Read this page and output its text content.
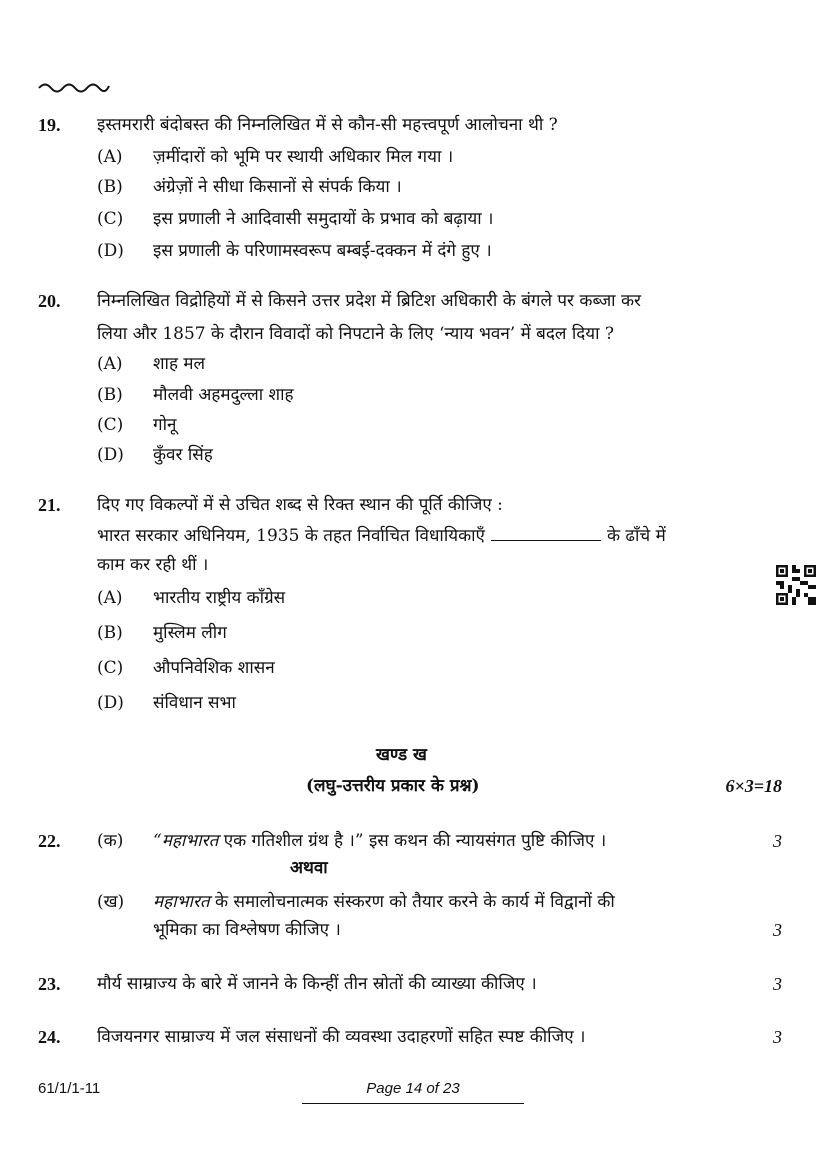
19. इस्तमरारी बंदोबस्त की निम्नलिखित में से कौन-सी महत्त्वपूर्ण आलोचना थी ?
(A) ज़मींदारों को भूमि पर स्थायी अधिकार मिल गया ।
(B) अंग्रेज़ों ने सीधा किसानों से संपर्क किया ।
(C) इस प्रणाली ने आदिवासी समुदायों के प्रभाव को बढ़ाया ।
(D) इस प्रणाली के परिणामस्वरूप बम्बई-दक्कन में दंगे हुए ।
20. निम्नलिखित विद्रोहियों में से किसने उत्तर प्रदेश में ब्रिटिश अधिकारी के बंगले पर कब्जा कर
लिया और 1857 के दौरान विवादों को निपटाने के लिए ‘न्याय भवन’ में बदल दिया ?
(A) शाह मल
(B) मौलवी अहमदुल्ला शाह
(C) गोनू
(D) कुँवर सिंह
21. दिए गए विकल्पों में से उचित शब्द से रिक्त स्थान की पूर्ति कीजिए :
भारत सरकार अधिनियम, 1935 के तहत निर्वाचित विधायिकाएँ	के ढाँचे में
काम कर रही थीं ।
(A) भारतीय राष्ट्रीय काँग्रेस
(B) मुस्लिम लीग
(C) औपनिवेशिक शासन
(D) संविधान सभा
खण्ड ख
(लघु-उत्तरीय प्रकार के प्रश्न)	6×3=18
22. (क) “महाभारत एक गतिशील ग्रंथ है ।” इस कथन की न्यायसंगत पुष्टि कीजिए ।	3
अथवा
(ख) महाभारत के समालोचनात्मक संस्करण को तैयार करने के कार्य में विद्वानों की
भूमिका का विश्लेषण कीजिए ।	3
23. मौर्य साम्राज्य के बारे में जानने के किन्हीं तीन स्रोतों की व्याख्या कीजिए ।	3
24. विजयनगर साम्राज्य में जल संसाधनों की व्यवस्था उदाहरणों सहित स्पष्ट कीजिए ।	3
61/1/1-11	Page 14 of 23
